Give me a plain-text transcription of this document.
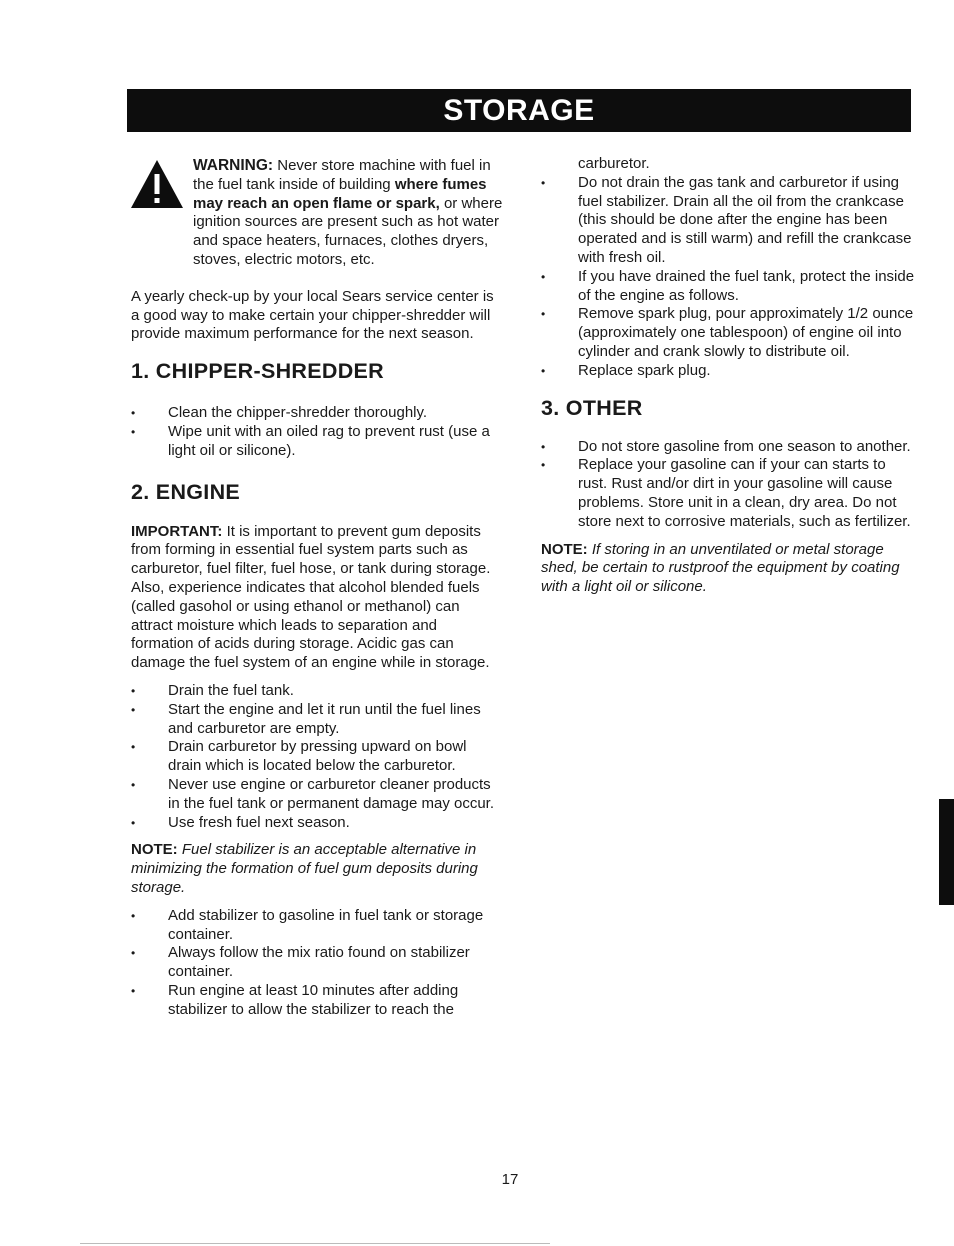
STORAGE

WARNING: Never store machine with fuel in the fuel tank inside of building where fumes may reach an open flame or spark, or where ignition sources are present such as hot water and space heaters, furnaces, clothes dryers, stoves, electric motors, etc.

A yearly check-up by your local Sears service center is a good way to make certain your chipper-shredder will provide maximum performance for the next season.

1. CHIPPER-SHREDDER
• Clean the chipper-shredder thoroughly.
• Wipe unit with an oiled rag to prevent rust (use a light oil or silicone).
2. ENGINE

IMPORTANT: It is important to prevent gum deposits from forming in essential fuel system parts such as carburetor, fuel filter, fuel hose, or tank during storage. Also, experience indicates that alcohol blended fuels (called gasohol or using ethanol or methanol) can attract moisture which leads to separation and formation of acids during storage. Acidic gas can damage the fuel system of an engine while in storage.

• Drain the fuel tank.
• Start the engine and let it run until the fuel lines and carburetor are empty.
• Drain carburetor by pressing upward on bowl drain which is located below the carburetor.
• Never use engine or carburetor cleaner products in the fuel tank or permanent damage may occur.
• Use fresh fuel next season.

NOTE: Fuel stabilizer is an acceptable alternative in minimizing the formation of fuel gum deposits during storage.

• Add stabilizer to gasoline in fuel tank or storage container.
• Always follow the mix ratio found on stabilizer container.
• Run engine at least 10 minutes after adding stabilizer to allow the stabilizer to reach the

carburetor.

• Do not drain the gas tank and carburetor if using fuel stabilizer. Drain all the oil from the crankcase (this should be done after the engine has been operated and is still warm) and refill the crankcase with fresh oil.
• If you have drained the fuel tank, protect the inside of the engine as follows.
• Remove spark plug, pour approximately 1/2 ounce (approximately one tablespoon) of engine oil into cylinder and crank slowly to distribute oil.
• Replace spark plug.
3. OTHER
• Do not store gasoline from one season to another.
• Replace your gasoline can if your can starts to rust. Rust and/or dirt in your gasoline will cause problems. Store unit in a clean, dry area. Do not store next to corrosive materials, such as fertilizer.

NOTE: If storing in an unventilated or metal storage shed, be certain to rustproof the equipment by coating with a light oil or silicone.

17
